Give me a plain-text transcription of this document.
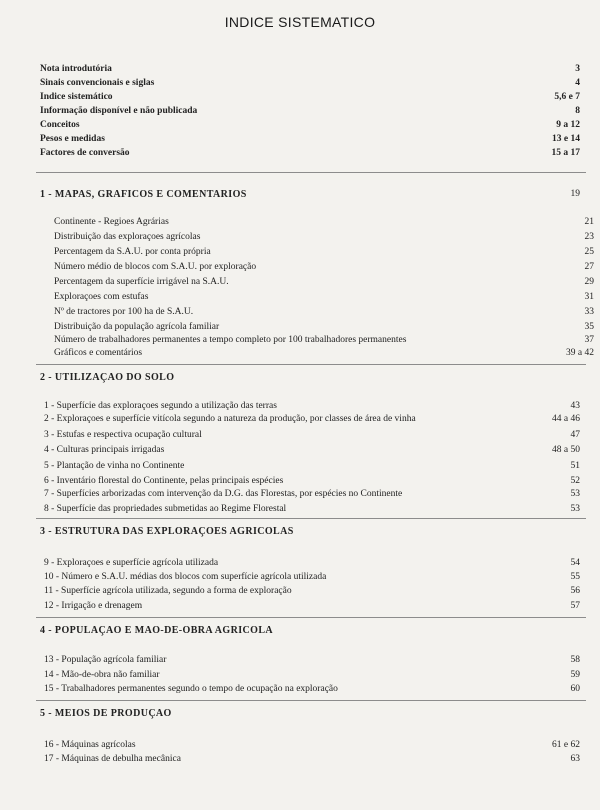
INDICE SISTEMATICO
Nota introdutória	3
Sinais convencionais e siglas	4
Indice sistemático	5,6 e 7
Informação disponível e não publicada	8
Conceitos	9 a 12
Pesos e medidas	13 e 14
Factores de conversão	15 a 17
1 - MAPAS, GRAFICOS E COMENTARIOS	19
Continente - Regioes Agrárias	21
Distribuição das exploraçoes agrícolas	23
Percentagem da S.A.U. por conta própria	25
Número médio de blocos com S.A.U. por exploração	27
Percentagem da superfície irrigável na S.A.U.	29
Exploraçoes com estufas	31
Nº de tractores por 100 ha de S.A.U.	33
Distribuição da população agrícola familiar	35
Número de trabalhadores permanentes a tempo completo por 100 trabalhadores permanentes	37
Gráficos e comentários	39 a 42
2 - UTILIZAÇAO DO SOLO
1 - Superfície das exploraçoes segundo a utilização das terras	43
2 - Exploraçoes e superfície vitícola segundo a natureza da produção, por classes de área de vinha	44 a 46
3 - Estufas e respectiva ocupação cultural	47
4 - Culturas principais irrigadas	48 a 50
5 - Plantação de vinha no Continente	51
6 - Inventário florestal do Continente, pelas principais espécies	52
7 - Superfícies arborizadas com intervenção da D.G. das Florestas, por espécies no Continente	53
8 - Superfície das propriedades submetidas ao Regime Florestal	53
3 - ESTRUTURA DAS EXPLORAÇOES AGRICOLAS
9 - Exploraçoes e superfície agrícola utilizada	54
10 - Número e S.A.U. médias dos blocos com superfície agrícola utilizada	55
11 - Superfície agrícola utilizada, segundo a forma de exploração	56
12 - Irrigação e drenagem	57
4 - POPULAÇAO E MAO-DE-OBRA AGRICOLA
13 - População agrícola familiar	58
14 - Mão-de-obra não familiar	59
15 - Trabalhadores permanentes segundo o tempo de ocupação na exploração	60
5 - MEIOS DE PRODUÇAO
16 - Máquinas agrícolas	61 e 62
17 - Máquinas de debulha mecânica	63
